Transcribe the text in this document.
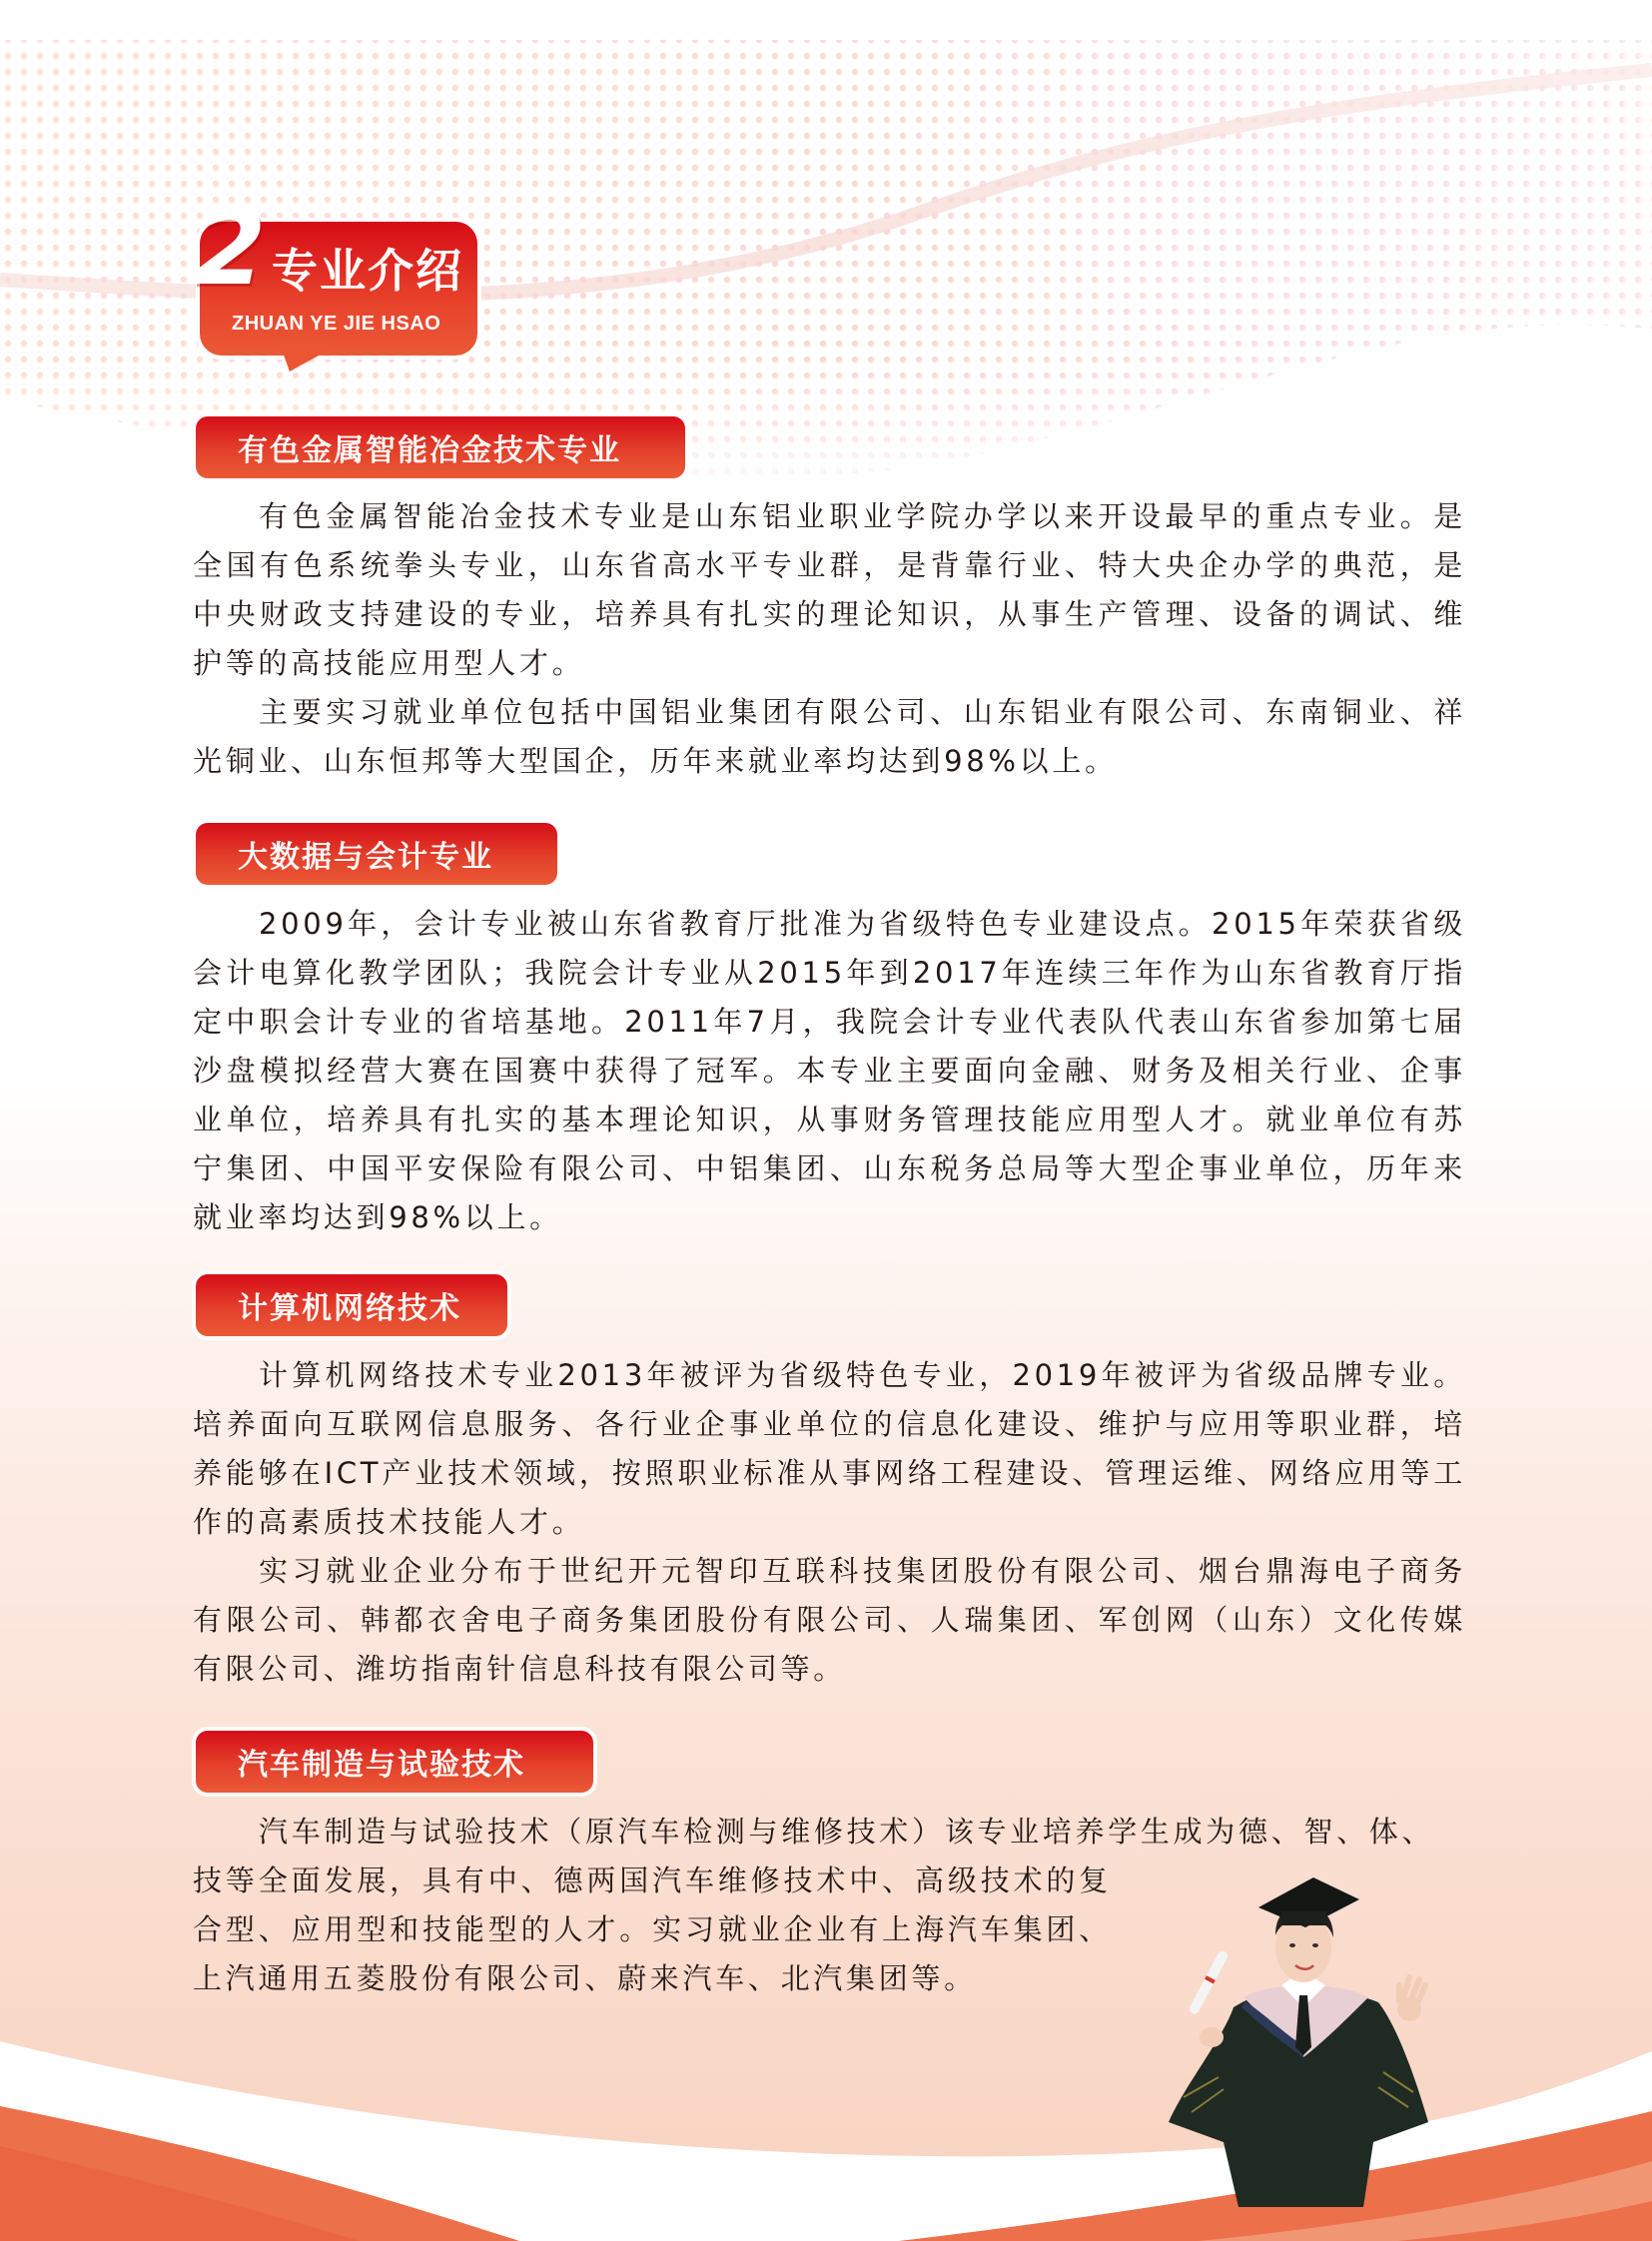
2 专业介绍
ZHUAN YE JIE HSAO
有色金属智能冶金技术专业

有色金属智能冶金技术专业是山东铝业职业学院办学以来开设最早的重点专业。是全国有色系统拳头专业，山东省高水平专业群，是背靠行业、特大央企办学的典范，是中央财政支持建设的专业，培养具有扎实的理论知识，从事生产管理、设备的调试、维护等的高技能应用型人才。

主要实习就业单位包括中国铝业集团有限公司、山东铝业有限公司、东南铜业、祥光铜业、山东恒邦等大型国企，历年来就业率均达到98%以上。

大数据与会计专业

2009年，会计专业被山东省教育厅批准为省级特色专业建设点。2015年荣获省级会计电算化教学团队；我院会计专业从2015年到2017年连续三年作为山东省教育厅指定中职会计专业的省培基地。2011年7月，我院会计专业代表队代表山东省参加第七届沙盘模拟经营大赛在国赛中获得了冠军。本专业主要面向金融、财务及相关行业、企事业单位，培养具有扎实的基本理论知识，从事财务管理技能应用型人才。就业单位有苏宁集团、中国平安保险有限公司、中铝集团、山东税务总局等大型企事业单位，历年来就业率均达到98%以上。

计算机网络技术

计算机网络技术专业2013年被评为省级特色专业，2019年被评为省级品牌专业。培养面向互联网信息服务、各行业企事业单位的信息化建设、维护与应用等职业群，培养能够在ICT产业技术领域，按照职业标准从事网络工程建设、管理运维、网络应用等工作的高素质技术技能人才。

实习就业企业分布于世纪开元智印互联科技集团股份有限公司、烟台鼎海电子商务有限公司、韩都衣舍电子商务集团股份有限公司、人瑞集团、军创网（山东）文化传媒有限公司、潍坊指南针信息科技有限公司等。

汽车制造与试验技术

汽车制造与试验技术（原汽车检测与维修技术）该专业培养学生成为德、智、体、

技等全面发展，具有中、德两国汽车维修技术中、高级技术的复合型、应用型和技能型的人才。实习就业企业有上海汽车集团、上汽通用五菱股份有限公司、蔚来汽车、北汽集团等。
